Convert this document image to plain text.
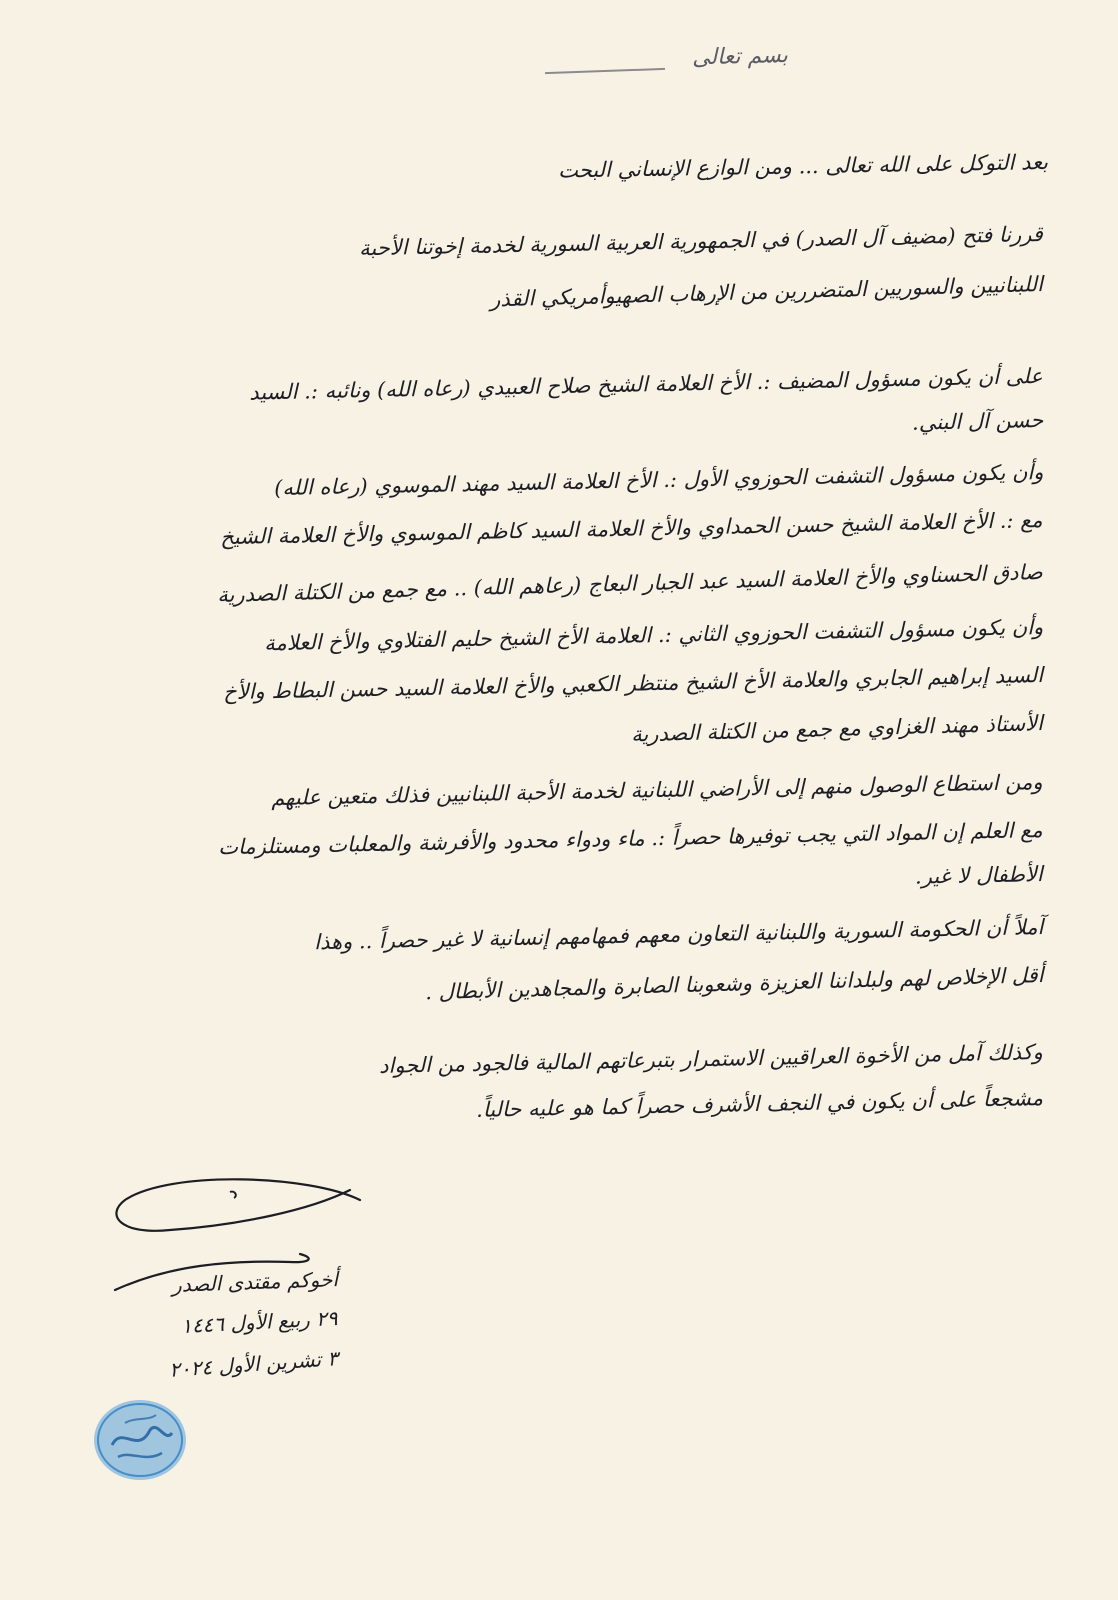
بسم تعالى
بعد التوكل على الله تعالى ... ومن الوازع الإنساني البحت
قررنا فتح (مضيف آل الصدر) في الجمهورية العربية السورية لخدمة إخوتنا الأحبة
اللبنانيين والسوريين المتضررين من الإرهاب الصهيوأمريكي القذر
على أن يكون مسؤول المضيف :. الأخ العلامة الشيخ صلاح العبيدي (رعاه الله) ونائبه :. السيد
حسن آل البني.
وأن يكون مسؤول التشفت الحوزوي الأول :. الأخ العلامة السيد مهند الموسوي (رعاه الله)
مع :. الأخ العلامة الشيخ حسن الحمداوي والأخ العلامة السيد كاظم الموسوي والأخ العلامة الشيخ
صادق الحسناوي والأخ العلامة السيد عبد الجبار البعاج (رعاهم الله) .. مع جمع من الكتلة الصدرية
وأن يكون مسؤول التشفت الحوزوي الثاني :. العلامة الأخ الشيخ حليم الفتلاوي والأخ العلامة
السيد إبراهيم الجابري والعلامة الأخ الشيخ منتظر الكعبي والأخ العلامة السيد حسن البطاط والأخ
الأستاذ مهند الغزاوي مع جمع من الكتلة الصدرية
ومن استطاع الوصول منهم إلى الأراضي اللبنانية لخدمة الأحبة اللبنانيين فذلك متعين عليهم
مع العلم إن المواد التي يجب توفيرها حصراً :. ماء ودواء محدود والأفرشة والمعلبات ومستلزمات
الأطفال لا غير.
آملاً أن الحكومة السورية واللبنانية التعاون معهم فمهامهم إنسانية لا غير حصراً .. وهذا
أقل الإخلاص لهم ولبلداننا العزيزة وشعوبنا الصابرة والمجاهدين الأبطال .
وكذلك آمل من الأخوة العراقيين الاستمرار بتبرعاتهم المالية فالجود من الجواد
مشجعاً على أن يكون في النجف الأشرف حصراً كما هو عليه حالياً.
أخوكم مقتدى الصدر
٢٩ ربيع الأول ١٤٤٦
٣ تشرين الأول ٢٠٢٤
